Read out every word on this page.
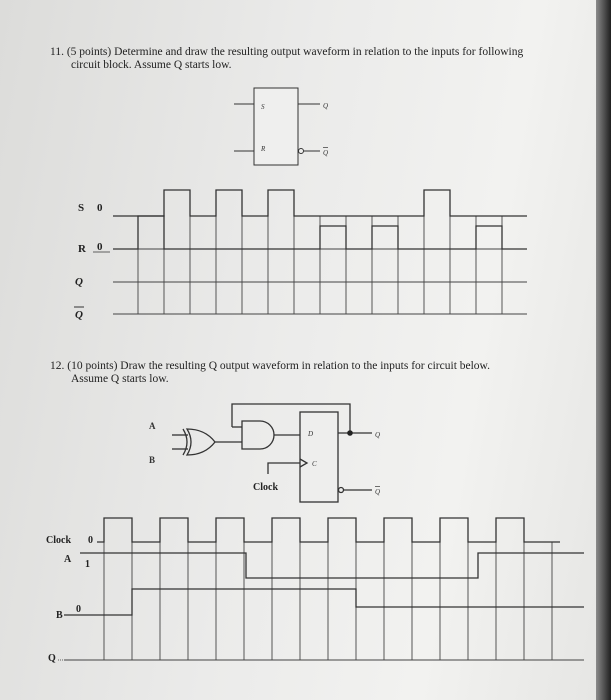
11. (5 points) Determine and draw the resulting output waveform in relation to the inputs for following
circuit block. Assume Q starts low.
S
R
Q
Q
S 0
R 0
Q
Q
12. (10 points) Draw the resulting Q output waveform in relation to the inputs for circuit below.
Assume Q starts low.
A
B
D
C
Q
Q
Clock
Clock 0
A 1
B
0
Q
